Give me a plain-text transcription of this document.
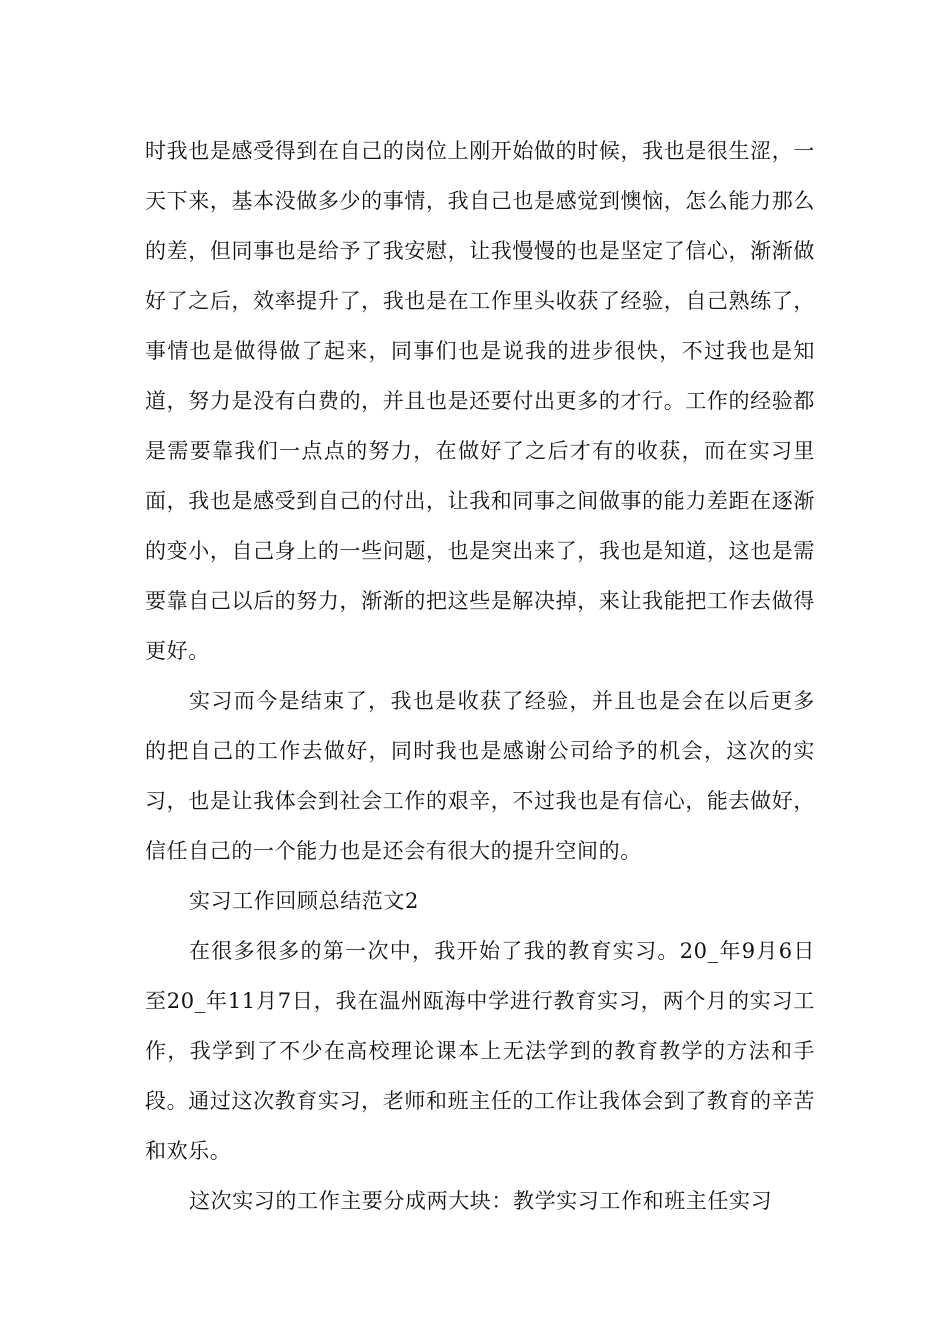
时我也是感受得到在自己的岗位上刚开始做的时候，我也是很生涩，一天下来，基本没做多少的事情，我自己也是感觉到懊恼，怎么能力那么的差，但同事也是给予了我安慰，让我慢慢的也是坚定了信心，渐渐做好了之后，效率提升了，我也是在工作里头收获了经验，自己熟练了，事情也是做得做了起来，同事们也是说我的进步很快，不过我也是知道，努力是没有白费的，并且也是还要付出更多的才行。工作的经验都是需要靠我们一点点的努力，在做好了之后才有的收获，而在实习里面，我也是感受到自己的付出，让我和同事之间做事的能力差距在逐渐的变小，自己身上的一些问题，也是突出来了，我也是知道，这也是需要靠自己以后的努力，渐渐的把这些是解决掉，来让我能把工作去做得更好。

实习而今是结束了，我也是收获了经验，并且也是会在以后更多的把自己的工作去做好，同时我也是感谢公司给予的机会，这次的实习，也是让我体会到社会工作的艰辛，不过我也是有信心，能去做好，信任自己的一个能力也是还会有很大的提升空间的。

实习工作回顾总结范文2

在很多很多的第一次中，我开始了我的教育实习。20_年9月6日至20_年11月7日，我在温州瓯海中学进行教育实习，两个月的实习工作，我学到了不少在高校理论课本上无法学到的教育教学的方法和手段。通过这次教育实习，老师和班主任的工作让我体会到了教育的辛苦和欢乐。

这次实习的工作主要分成两大块：教学实习工作和班主任实习
